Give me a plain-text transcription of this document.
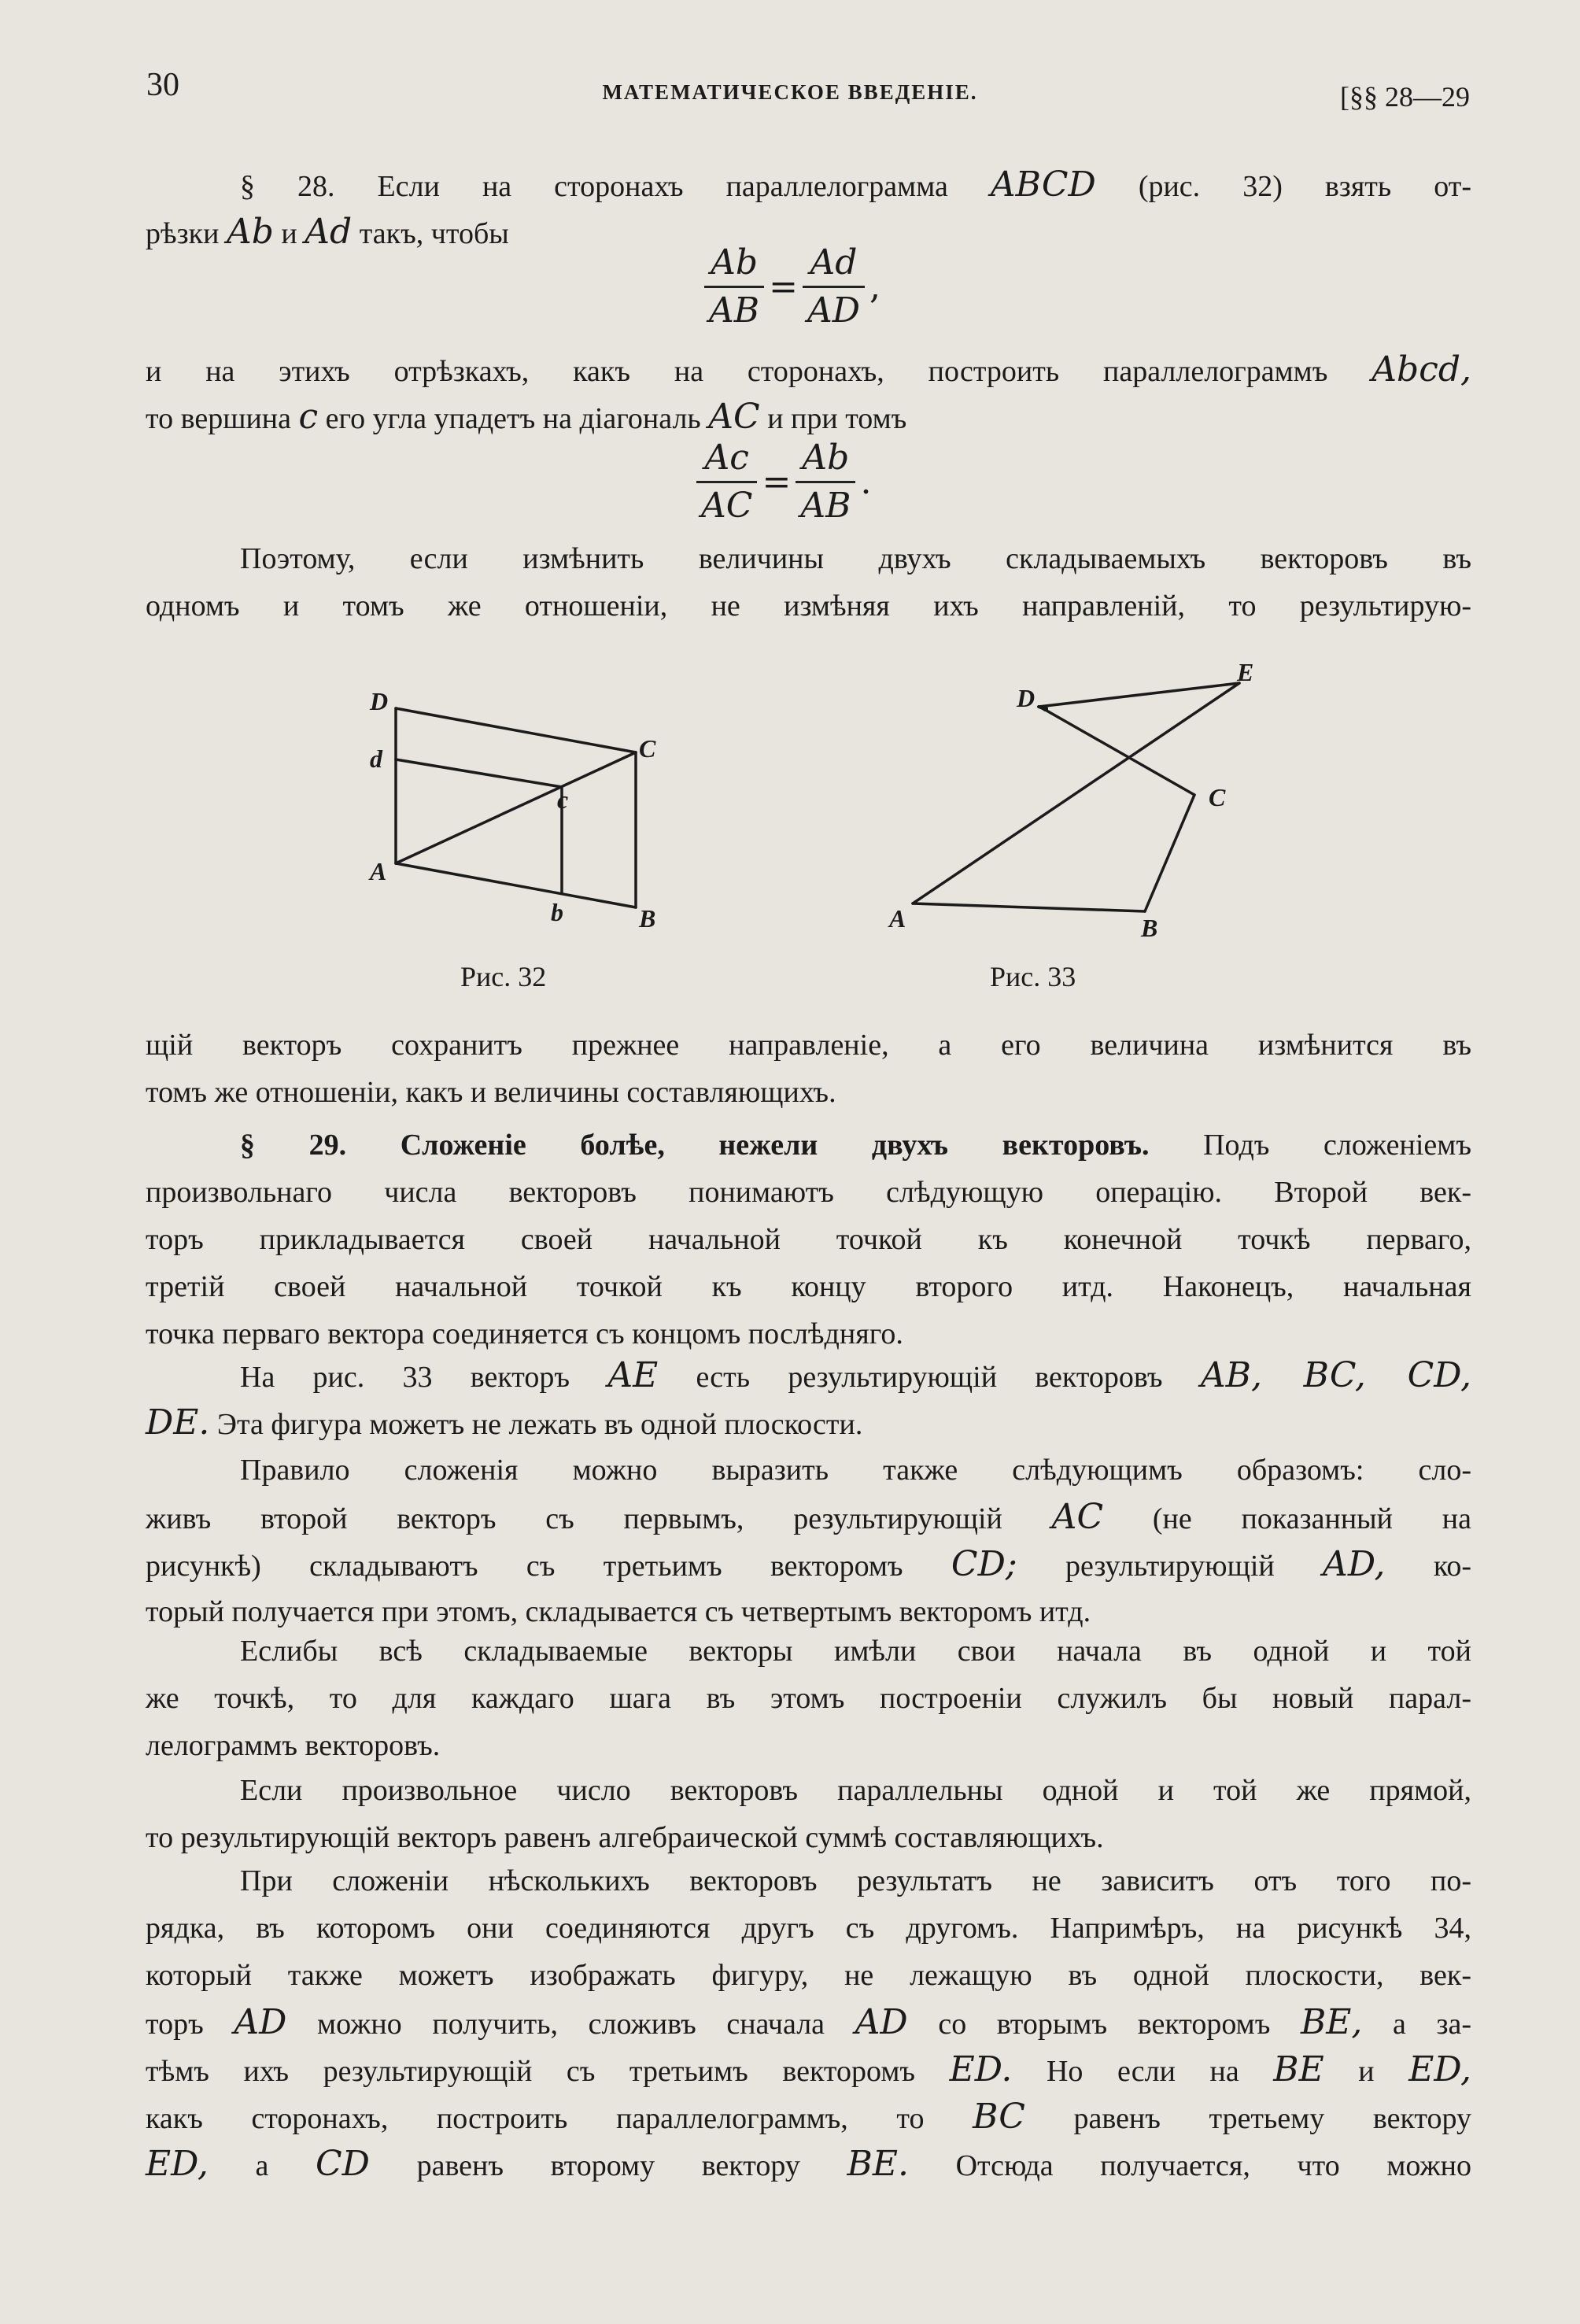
30	МАТЕМАТИЧЕСКОЕ ВВЕДЕНІЕ.	[§§ 28—29
§ 28. Если на сторонахъ параллелограмма ABCD (рис. 32) взять от-
рѣзки Ab и Ad такъ, чтобы
$\frac{Ab}{AB} = \frac{Ad}{AD}$ ,
и на этихъ отрѣзкахъ, какъ на сторонахъ, построить параллелограммъ Abcd,
то вершина c его угла упадетъ на діагональ AC и при томъ
$\frac{Ac}{AC} = \frac{Ab}{AB}$ .
Поэтому, если измѣнить величины двухъ складываемыхъ векторовъ въ
одномъ и томъ же отношеніи, не измѣняя ихъ направленій, то результирую-
D
d	C
c
A
b	B
Рис. 32
D
E
C
A	B
Рис. 33
щій векторъ сохранитъ прежнее направленіе, а его величина измѣнится въ
томъ же отношеніи, какъ и величины составляющихъ.
§ 29. Сложеніе болѣе, нежели двухъ векторовъ. Подъ сложеніемъ
произвольнаго числа векторовъ понимаютъ слѣдующую операцію. Второй век-
торъ прикладывается своей начальной точкой къ конечной точкѣ перваго,
третій своей начальной точкой къ концу второго итд. Наконецъ, начальная
точка перваго вектора соединяется съ концомъ послѣдняго.
На рис. 33 векторъ AE есть результирующій векторовъ AB, BC, CD,
DE. Эта фигура можетъ не лежать въ одной плоскости.
Правило сложенія можно выразить также слѣдующимъ образомъ: сло-
живъ второй векторъ съ первымъ, результирующій AC (не показанный на
рисункѣ) складываютъ съ третьимъ векторомъ CD; результирующій AD, ко-
торый получается при этомъ, складывается съ четвертымъ векторомъ итд.
Еслибы всѣ складываемые векторы имѣли свои начала въ одной и той
же точкѣ, то для каждаго шага въ этомъ построеніи служилъ бы новый парал-
лелограммъ векторовъ.
Если произвольное число векторовъ параллельны одной и той же прямой,
то результирующій векторъ равенъ алгебраической суммѣ составляющихъ.
При сложеніи нѣсколькихъ векторовъ результатъ не зависитъ отъ того по-
рядка, въ которомъ они соединяются другъ съ другомъ. Напримѣръ, на рисункѣ 34,
который также можетъ изображать фигуру, не лежащую въ одной плоскости, век-
торъ AD можно получить, сложивъ сначала AD со вторымъ векторомъ BE, а за-
тѣмъ ихъ результирующій съ третьимъ векторомъ ED. Но если на BE и ED,
какъ сторонахъ, построить параллелограммъ, то BC равенъ третьему вектору
ED, а CD равенъ второму вектору BE. Отсюда получается, что можно
